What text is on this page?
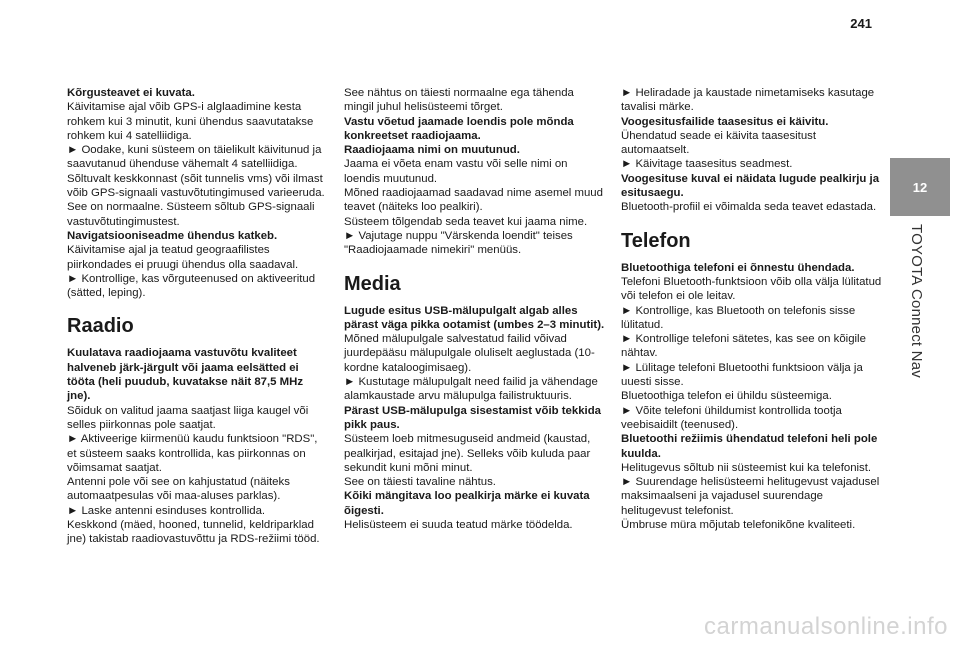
241
12
TOYOTA Connect Nav

Kõrgusteavet ei kuvata.

Käivitamise ajal võib GPS-i alglaadimine kesta rohkem kui 3 minutit, kuni ühendus saavutatakse rohkem kui 4 satelliidiga.

► Oodake, kuni süsteem on täielikult käivitunud ja saavutanud ühenduse vähemalt 4 satelliidiga.

Sõltuvalt keskkonnast (sõit tunnelis vms) või ilmast võib GPS-signaali vastuvõtutingimused varieeruda.

See on normaalne. Süsteem sõltub GPS-signaali vastuvõtutingimustest.

Navigatsiooniseadme ühendus katkeb.

Käivitamise ajal ja teatud geograafilistes piirkondades ei pruugi ühendus olla saadaval.

► Kontrollige, kas võrguteenused on aktiveeritud (sätted, leping).

Raadio

Kuulatava raadiojaama vastuvõtu kvaliteet halveneb järk-järgult või jaama eelsätted ei tööta (heli puudub, kuvatakse näit 87,5 MHz jne).

Sõiduk on valitud jaama saatjast liiga kaugel või selles piirkonnas pole saatjat.

► Aktiveerige kiirmenüü kaudu funktsioon "RDS", et süsteem saaks kontrollida, kas piirkonnas on võimsamat saatjat.

Antenni pole või see on kahjustatud (näiteks automaatpesulas või maa-aluses parklas).

► Laske antenni esinduses kontrollida.

Keskkond (mäed, hooned, tunnelid, keldriparklad jne) takistab raadiovastuvõttu ja RDS-režiimi tööd.

See nähtus on täiesti normaalne ega tähenda mingil juhul helisüsteemi tõrget.

Vastu võetud jaamade loendis pole mõnda konkreetset raadiojaama.

Raadiojaama nimi on muutunud.

Jaama ei võeta enam vastu või selle nimi on loendis muutunud.

Mõned raadiojaamad saadavad nime asemel muud teavet (näiteks loo pealkiri).

Süsteem tõlgendab seda teavet kui jaama nime.

► Vajutage nuppu "Värskenda loendit" teises "Raadiojaamade nimekiri" menüüs.

Media

Lugude esitus USB-mälupulgalt algab alles pärast väga pikka ootamist (umbes 2–3 minutit).

Mõned mälupulgale salvestatud failid võivad juurdepääsu mälupulgale oluliselt aeglustada (10-kordne kataloogimisaeg).

► Kustutage mälupulgalt need failid ja vähendage alamkaustade arvu mälupulga failistruktuuris.

Pärast USB-mälupulga sisestamist võib tekkida pikk paus.

Süsteem loeb mitmesuguseid andmeid (kaustad, pealkirjad, esitajad jne). Selleks võib kuluda paar sekundit kuni mõni minut.

See on täiesti tavaline nähtus.

Kõiki mängitava loo pealkirja märke ei kuvata õigesti.

Helisüsteem ei suuda teatud märke töödelda.

► Heliradade ja kaustade nimetamiseks kasutage tavalisi märke.

Voogesitusfailide taasesitus ei käivitu.

Ühendatud seade ei käivita taasesitust automaatselt.

► Käivitage taasesitus seadmest.

Voogesituse kuval ei näidata lugude pealkirju ja esitusaegu.

Bluetooth-profiil ei võimalda seda teavet edastada.

Telefon

Bluetoothiga telefoni ei õnnestu ühendada.

Telefoni Bluetooth-funktsioon võib olla välja lülitatud või telefon ei ole leitav.

► Kontrollige, kas Bluetooth on telefonis sisse lülitatud.

► Kontrollige telefoni sätetes, kas see on kõigile nähtav.

► Lülitage telefoni Bluetoothi funktsioon välja ja uuesti sisse.

Bluetoothiga telefon ei ühildu süsteemiga.

► Võite telefoni ühildumist kontrollida tootja veebisaidilt (teenused).

Bluetoothi režiimis ühendatud telefoni heli pole kuulda.

Helitugevus sõltub nii süsteemist kui ka telefonist.

► Suurendage helisüsteemi helitugevust vajadusel maksimaalseni ja vajadusel suurendage helitugevust telefonist.

Ümbruse müra mõjutab telefonikõne kvaliteeti.

carmanualsonline.info
